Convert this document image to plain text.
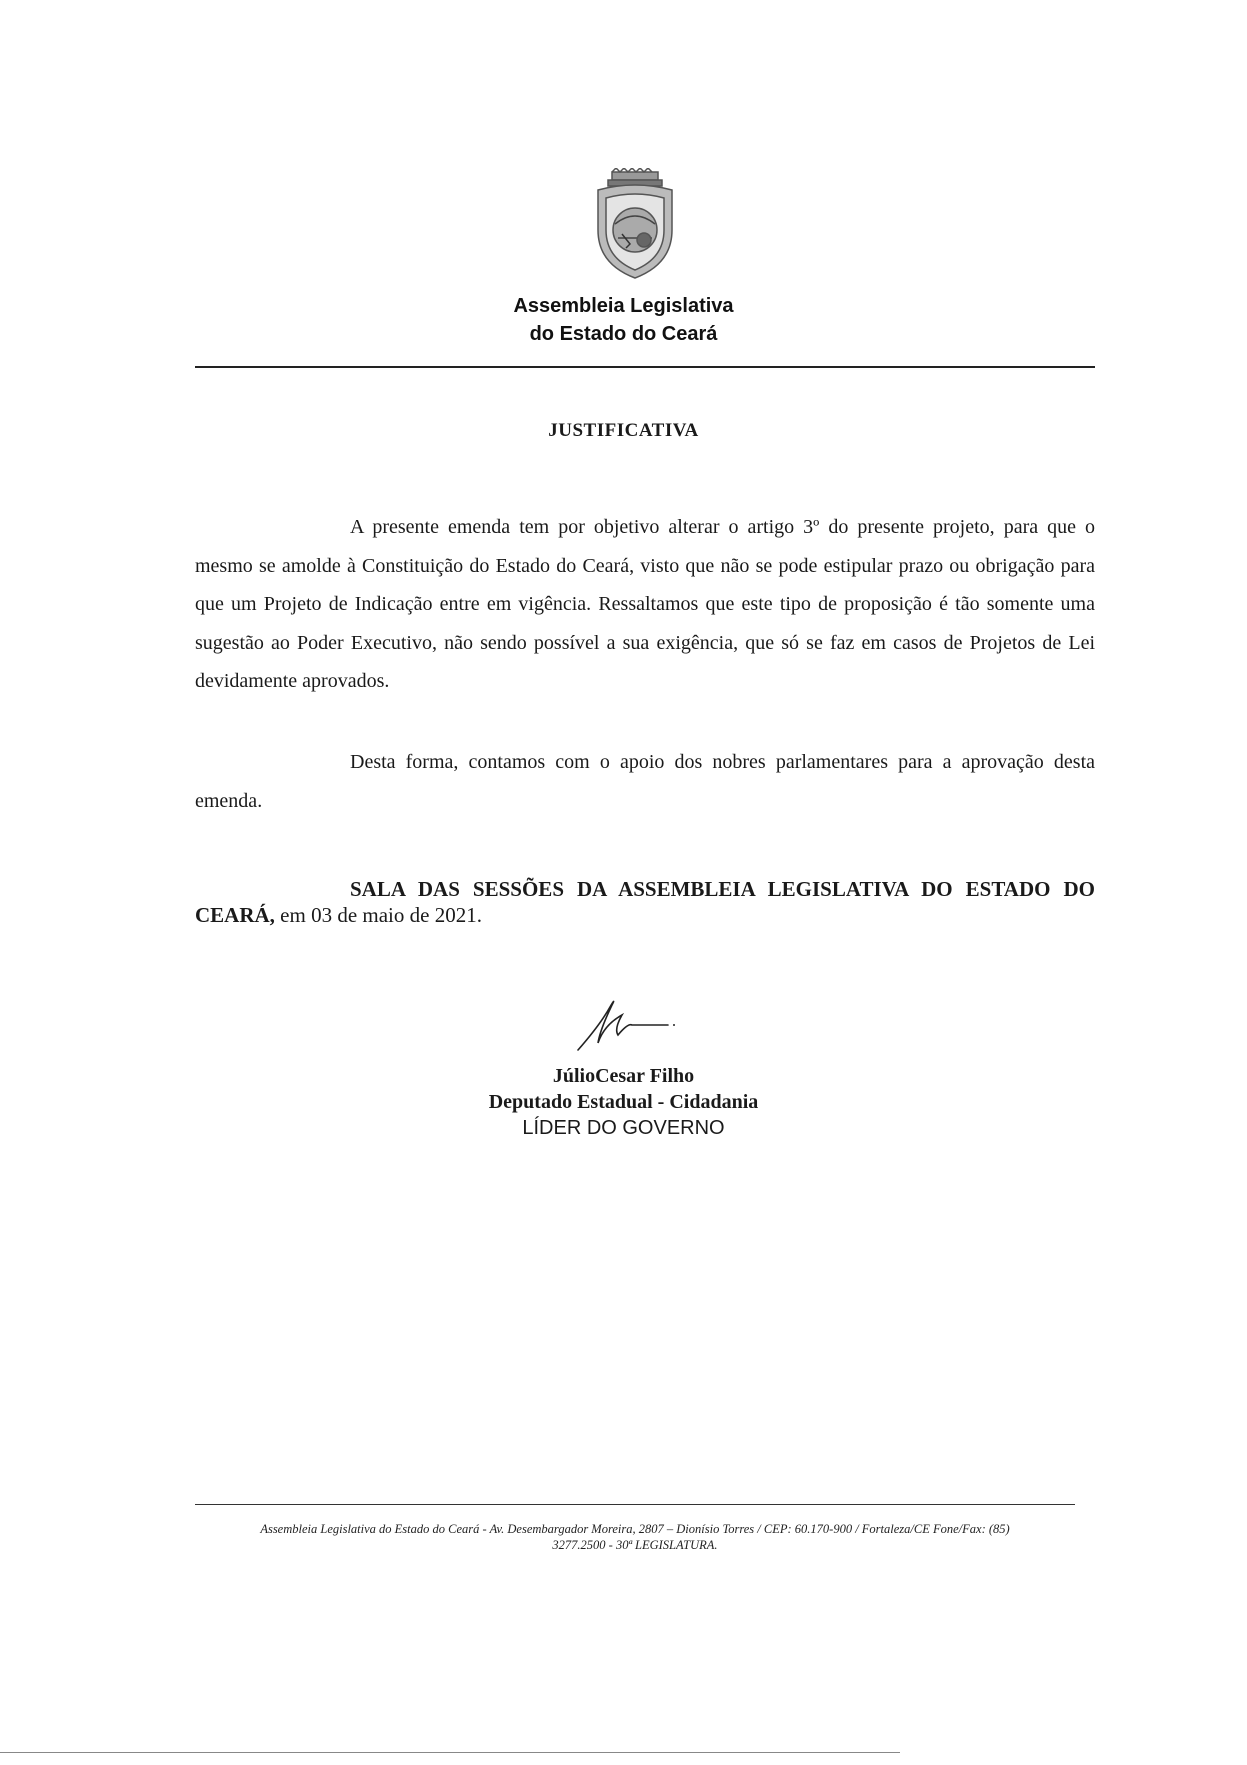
Assembleia Legislativa
do Estado do Ceará
JUSTIFICATIVA
A presente emenda tem por objetivo alterar o artigo 3º do presente projeto, para que o mesmo se amolde à Constituição do Estado do Ceará, visto que não se pode estipular prazo ou obrigação para que um Projeto de Indicação entre em vigência. Ressaltamos que este tipo de proposição é tão somente uma sugestão ao Poder Executivo, não sendo possível a sua exigência, que só se faz em casos de Projetos de Lei devidamente aprovados.
Desta forma, contamos com o apoio dos nobres parlamentares para a aprovação desta emenda.
SALA DAS SESSÕES DA ASSEMBLEIA LEGISLATIVA DO ESTADO DO CEARÁ, em 03 de maio de 2021.
JúlioCesar Filho
Deputado Estadual - Cidadania
LÍDER DO GOVERNO
Assembleia Legislativa do Estado do Ceará - Av. Desembargador Moreira, 2807 – Dionísio Torres / CEP: 60.170-900 / Fortaleza/CE Fone/Fax: (85)
3277.2500 - 30ª LEGISLATURA.
